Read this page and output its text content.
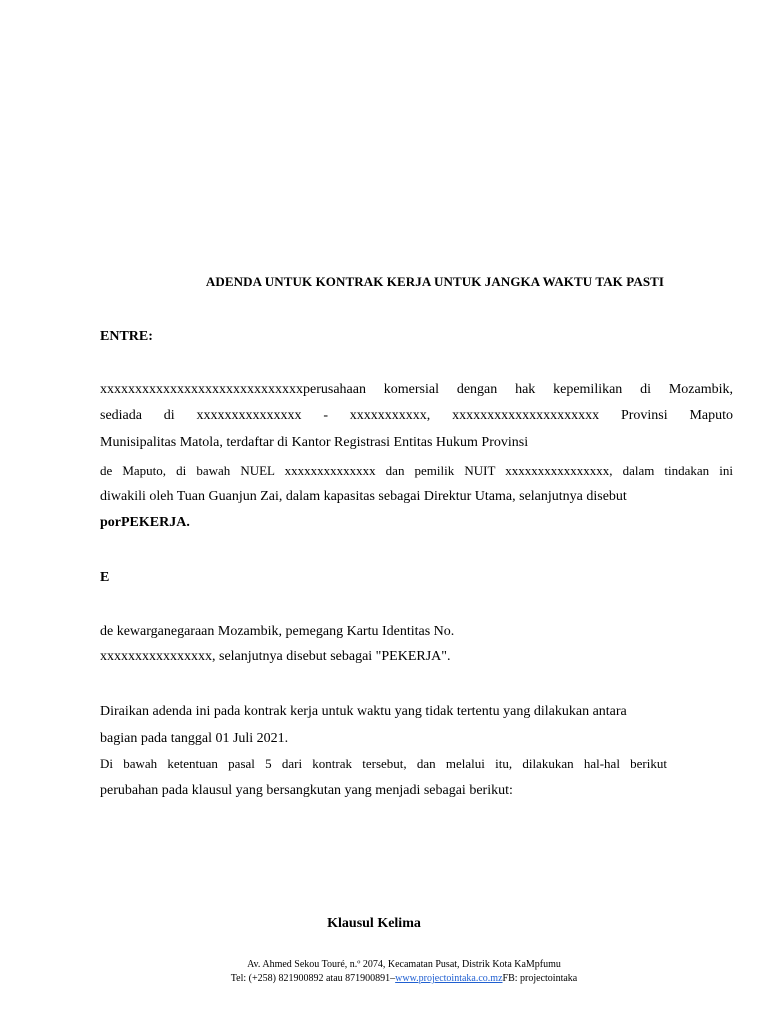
ADENDA UNTUK KONTRAK KERJA UNTUK JANGKA WAKTU TAK PASTI
ENTRE:
xxxxxxxxxxxxxxxxxxxxxxxxxxxxxperusahaan komersial dengan hak kepemilikan di Mozambik,
sediada di xxxxxxxxxxxxxxx - xxxxxxxxxxx, xxxxxxxxxxxxxxxxxxxxx Provinsi Maputo
Munisipalitas Matola, terdaftar di Kantor Registrasi Entitas Hukum Provinsi
de Maputo, di bawah NUEL xxxxxxxxxxxxxx dan pemilik NUIT xxxxxxxxxxxxxxxx, dalam tindakan ini
diwakili oleh Tuan Guanjun Zai, dalam kapasitas sebagai Direktur Utama, selanjutnya disebut
porPEKERJA.
E
de kewarganegaraan Mozambik, pemegang Kartu Identitas No.
xxxxxxxxxxxxxxxx, selanjutnya disebut sebagai "PEKERJA".
Diraikan adenda ini pada kontrak kerja untuk waktu yang tidak tertentu yang dilakukan antara
bagian pada tanggal 01 Juli 2021.
Di bawah ketentuan pasal 5 dari kontrak tersebut, dan melalui itu, dilakukan hal-hal berikut
perubahan pada klausul yang bersangkutan yang menjadi sebagai berikut:
Klausul Kelima
Av. Ahmed Sekou Touré, n.º 2074, Kecamatan Pusat, Distrik Kota KaMpfumu
Tel: (+258) 821900892 atau 871900891–www.projectointaka.co.mzFB: projectointaka
